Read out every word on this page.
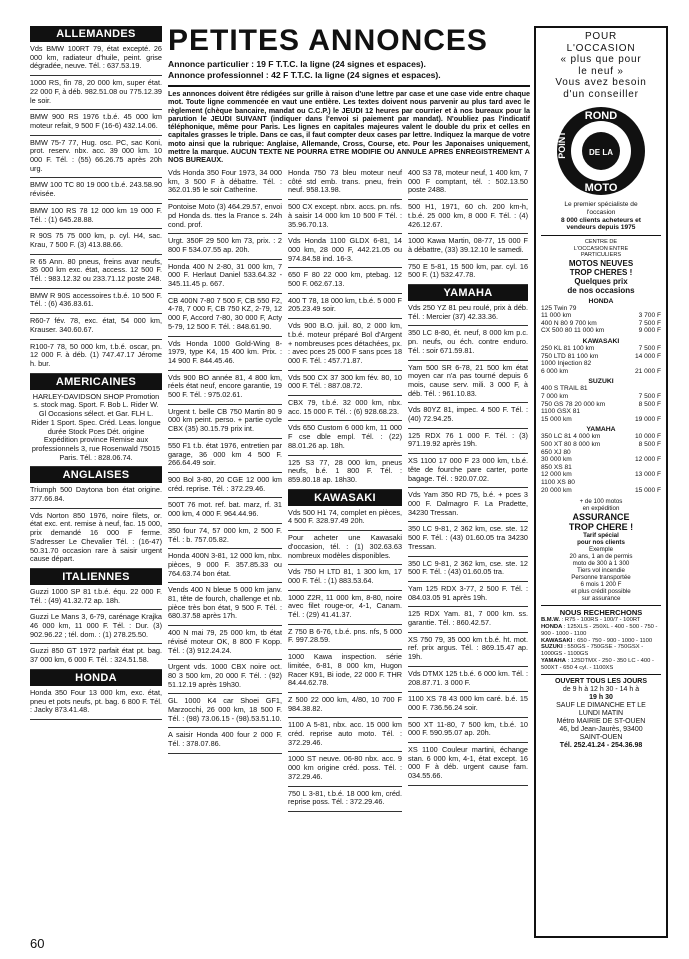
PETITES ANNONCES
Annonce particulier : 19 F T.T.C. la ligne (24 signes et espaces).
Annonce professionnel : 42 F T.T.C. la ligne (24 signes et espaces).
Les annonces doivent être rédigées sur grille à raison d'une lettre par case et une case vide entre chaque mot. Toute ligne commencée en vaut une entière. Les textes doivent nous parvenir au plus tard avec le règlement (chèque bancaire, mandat ou C.C.P.) le JEUDI 12 heures par courrier et à nos bureaux pour la parution le JEUDI SUIVANT (indiquer dans l'envoi si paiement par mandat). N'oubliez pas l'indicatif téléphonique, même pour Paris. Les lignes en capitales majeures valent le double du prix et celles en capitales grasses le triple. Dans ce cas, il faut compter deux cases par lettre. Indiquez la marque de votre moto ainsi que la rubrique: Anglaise, Allemande, Cross, Course, etc. Pour les Japonaises uniquement, mettre la marque. AUCUN TEXTE NE POURRA ETRE MODIFIE OU ANNULE APRES ENREGISTREMENT A NOS BUREAUX.
ALLEMANDES
Vds BMW 100RT 79, état excepté. 26 000 km, radiateur d'huile, peint. grise dégradée, neuve. Tél. : 637.53.19.
1000 RS, fin 78, 20 000 km, super état. 22 000 F, à déb. 982.51.08 ou 775.12.39 le soir.
BMW 900 RS 1976 t.b.é. 45 000 km moteur refait, 9 500 F (16-6) 432.14.06.
BMW 75-7 77, Hug. osc. PC, sac Koni, prot. reserv. nbx. acc. 39 000 km. 10 000 F. Tél. : (55) 66.26.75 après 20h urg.
BMW 100 TC 80 19 000 t.b.é. 243.58.90 révisée.
BMW 100 RS 78 12 000 km 19 000 F. Tél. : (1) 645.28.88.
R 90S 75 75 000 km, p. cyl. H4, sac. Krau, 7 500 F. (3) 413.88.66.
R 65 Ann. 80 pneus, freins avar neufs, 35 000 km exc. état, access. 12 500 F. Tél. : 983.12.32 ou 233.71.12 poste 248.
BMW R 90S accessoires t.b.é. 10 500 F. Tél. : (6) 436.83.61.
R60-7 fév. 78, exc. état, 54 000 km, Krauser. 340.60.67.
R100-7 78, 50 000 km, t.b.é. oscar, pn. 12 000 F. à déb. (1) 747.47.17 Jérome h. bur.
AMERICAINES
HARLEY-DAVIDSON SHOP Promotion s. stock mag. Sport. F. Bob L. Rider W. Gl Occasions sélect. et Gar. FLH L. Rider 1 Sport. Spec. Créd. Leas. longue durée Stock Pces Dét. origine Expédition province Remise aux professionnels 3, rue Rosenwald 75015 Paris. Tél. : 828.06.74.
ANGLAISES
Triumph 500 Daytona bon état origine. 377.66.84.
Vds Norton 850 1976, noire filets, or. état exc. ent. remise à neuf, fac. 15 000, prix demandé 16 000 F ferme. S'adresser Le Chevalier Tél. : (16-47) 50.31.70 occasion rare à saisir urgent cause départ.
ITALIENNES
Guzzi 1000 SP 81 t.b.é. équ. 22 000 F. Tél. : (49) 41.32.72 ap. 18h.
Guzzi Le Mans 3, 6-79, carénage Krajka 46 000 km, 11 000 F. Tél. : Dur. (3) 902.96.22 ; tél. dom. : (1) 278.25.50.
Guzzi 850 GT 1972 parfait état pt. bag. 37 000 km, 6 000 F. Tél. : 324.51.58.
HONDA
Honda 350 Four 13 000 km, exc. état, pneu et pots neufs, pt. bag. 6 800 F. Tél. : Jacky 873.41.48.
Vds Honda 350 Four 1973, 34 000 km, 3 500 F à débattre. Tél. : 362.01.95 le soir Catherine.
Pontoise Moto (3) 464.29.57, envoi pd Honda ds. ttes la France s. 24h cond. prof.
Urgt. 350F 29 500 km 73, prix. : 2 800 F 534.07.55 ap. 20h.
Honda 400 N 2-80, 31 000 km, 7 000 F. Herlaut Daniel 533.64.32 - 345.11.45 p. 667.
CB 400N 7-80 7 500 F, CB 550 F2, 4-78, 7 000 F, CB 750 KZ, 2-79, 12 000 F, Accord 7-80, 30 000 F, Acty 5-79, 12 500 F. Tél. : 848.61.90.
Vds Honda 1000 Gold-Wing 8-1979, type K4, 15 400 km. Prix. : 14 900 F. 844.45.46.
Vds 900 BO année 81, 4 800 km, réels état neuf, encore garantie, 19 500 F. Tél. : 975.02.61.
Urgent t. belle CB 750 Martin 80 9 000 km peint. perso. + partie cycle CBX (35) 30.15.79 prix int.
550 F1 t.b. état 1976, entretien par garage, 36 000 km 4 500 F. 266.64.49 soir.
900 Bol 3-80, 20 CGE 12 000 km créd. reprise. Tél. : 372.29.46.
500T 76 mot. ref. bat. marz, rf. 31 000 km, 4 000 F. 964.44.96.
350 four 74, 57 000 km, 2 500 F. Tél. : b. 757.05.82.
Honda 400N 3-81, 12 000 km, nbx. pièces, 9 000 F. 357.85.33 ou 764.63.74 bon état.
Vends 400 N bleue 5 000 km janv. 81, tête de fourch, challenge et nb. pièce très bon état, 9 500 F. Tél. : 680.37.58 après 17h.
400 N mai 79, 25 000 km, tb état révisé moteur OK, 8 800 F Kopp. Tél. : (3) 912.24.24.
Urgent vds. 1000 CBX noire oct. 80 3 500 km, 20 000 F. Tél. : (92) 51.12.19 après 19h30.
GL 1000 K4 car Shoei GF1, Marzocchi, 26 000 km, 18 500 F. Tél. : (98) 73.06.15 - (98).53.51.10.
A saisir Honda 400 four 2 000 F. Tél. : 378.07.86.
Honda 750 73 bleu moteur neuf côté std emb. trans. pneu, frein neuf. 958.13.98.
500 CX except. nbrx. accs. pn. nfs. à saisir 14 000 km 10 500 F Tél. : 35.96.70.13.
Vds Honda 1100 GLDX 6-81, 14 000 km, 28 000 F, 442.21.05 ou 974.84.58 ind. 16-3.
650 F 80 22 000 km, ptebag. 12 500 F. 062.67.13.
400 T 78, 18 000 km, t.b.é. 5 000 F 205.23.49 soir.
Vds 900 B.O. juil. 80, 2 000 km, t.b.é. moteur préparé Bol d'Argent + nombreuses pces détachées, px. : avec pces 25 000 F sans pces 18 000 F. Tél. : 457.71.87.
Vds 500 CX 37 300 km fév. 80, 10 000 F. Tél. : 887.08.72.
CBX 79, t.b.é. 32 000 km, nbx. acc. 15 000 F. Tél. : (6) 928.68.23.
Vds 650 Custom 6 000 km, 11 000 F cse dble empl. Tél. : (22) 88.01.26 ap. 18h.
125 S3 77, 28 000 km, pneus neufs, b.é. 1 800 F. Tél. : 859.80.18 ap. 18h30.
KAWASAKI
Vds 500 H1 74, complet en pièces, 4 500 F. 328.97.49 20h.
Pour acheter une Kawasaki d'occasion, tél. : (1) 302.63.63 nombreux modèles disponibles.
Vds 750 H LTD 81, 1 300 km, 17 000 F. Tél. : (1) 883.53.64.
1000 Z2R, 11 000 km, 8-80, noire avec filet rouge-or, 4-1, Canam. Tél. : (29) 41.41.37.
Z 750 B 6-76, t.b.é. pns. nfs, 5 000 F. 997.28.59.
1000 Kawa inspection. série limitée, 6-81, 8 000 km, Hugon Racer K91, Bi iode, 22 000 F. THR 84.44.62.78.
Z 500 22 000 km, 4/80, 10 700 F 984.38.82.
1100 A 5-81, nbx. acc. 15 000 km créd. reprise auto moto. Tél. : 372.29.46.
1000 ST neuve. 06-80 nbx. acc. 9 000 km origine créd. poss. Tél. : 372.29.46.
750 L 3-81, t.b.é. 18 000 km, créd. reprise poss. Tél. : 372.29.46.
400 S3 78, moteur neuf, 1 400 km, 7 000 F comptant, tél. : 502.13.50 poste 2488.
500 H1, 1971, 60 ch. 200 km-h, t.b.é. 25 000 km, 8 000 F. Tél. : (4) 426.12.67.
1000 Kawa Martin, 08-77, 15 000 F à débattre, (33) 39.12.10 le samedi.
750 E 5-81, 15 500 km, par. cyl. 16 500 F. (1) 532.47.78.
YAMAHA
Vds 250 YZ 81 peu roulé, prix à déb. Tél. : Mercier (37) 42.33.36.
350 LC 8-80, ét. neuf, 8 000 km p.c. pn. neufs, ou éch. contre enduro. Tél. : soir 671.59.81.
Yam 500 SR 6-78, 21 500 km état moyen car n'a pas tourné depuis 6 mois, cause serv. mili. 3 000 F, à déb. Tél. : 961.10.83.
Vds 80YZ 81, impec. 4 500 F. Tél. : (40) 72.94.25.
125 RDX 76 1 000 F. Tél. : (3) 971.19.92 après 19h.
XS 1100 17 000 F 23 000 km, t.b.é. tête de fourche pare carter, porte bagage. Tél. : 920.07.02.
Vds Yam 350 RD 75, b.é. + pces 3 000 F. Dalmagro F. La Pradette, 34230 Tressan.
350 LC 9-81, 2 362 km, cse. ste. 12 500 F. Tél. : (43) 01.60.05 tra 34230 Tressan.
350 LC 9-81, 2 362 km, cse. ste. 12 500 F. Tél. : (43) 01.60.05 tra.
Yam 125 RDX 3-77, 2 500 F. Tél. : 084.03.05 91 après 19h.
125 RDX Yam. 81, 7 000 km. ss. garantie. Tél. : 860.42.57.
XS 750 79, 35 000 km t.b.é. ht. mot. ref. prix argus. Tél. : 869.15.47 ap. 19h.
Vds DTMX 125 t.b.é. 6 000 km. Tél. : 208.87.71. 3 000 F.
1100 XS 78 43 000 km caré. b.é. 15 000 F. 736.56.24 soir.
500 XT 11-80, 7 500 km, t.b.é. 10 000 F. 590.95.07 ap. 20h.
XS 1100 Couleur martini, échange stan. 6 000 km, 4-1, état except. 16 000 F à déb. urgent cause fam. 034.55.66.
POUR
L'OCCASION
« plus que pour
le neuf »
Vous avez besoin
d'un conseiller
ROND
POINT
MOTO
DE LA
Le premier spécialiste de
l'occasion
8 000 clients acheteurs et
vendeurs depuis 1975
CENTRE DE
L'OCCASION ENTRE
PARTICULIERS
MOTOS NEUVES
TROP CHERES !
Quelques prix
de nos occasions
HONDA
125 Twin 79	
11 000 km	3 700 F
400 N 80 9 700 km	7 500 F
CX 500 80 11 000 km	9 000 F
KAWASAKI
250 KL 81 100 km	7 500 F
750 LTD 81 100 km	14 000 F
1000 Injection 82	
6 000 km	21 000 F
SUZUKI
400 S TRAIL 81	
7 000 km	7 500 F
750 GS 78 20 000 km	8 500 F
1100 GSX 81	
15 000 km	19 000 F
YAMAHA
350 LC 81 4 000 km	10 000 F
500 XT 80 8 000 km	8 500 F
650 XJ 80	
30 000 km	12 000 F
850 XS 81	
12 000 km	13 000 F
1100 XS 80	
20 000 km	15 000 F
+ de 100 motos
en expédition
ASSURANCE
TROP CHERE !
Tarif spécial
pour nos clients
Exemple
20 ans, 1 an de permis
moto de 300 à 1 300
Tiers vol incendie
Personne transportée
6 mois 1 200 F
et plus crédit possible
sur assurance
NOUS RECHERCHONS
B.M.W. : R75 - 100RS - 100/7 - 100RT
HONDA : 125XLS - 250XL - 400 - 500 - 750 - 900 - 1000 - 1100
KAWASAKI : 650 - 750 - 900 - 1000 - 1100
SUZUKI : 550GS - 750GSE - 750GSX - 1000GS - 1100GS
YAMAHA : 125DTMX - 250 - 350 LC - 400 - 500XT - 650 4 cyl. - 1100XS
OUVERT TOUS LES JOURS
de 9 h à 12 h 30 - 14 h à
19 h 30
SAUF LE DIMANCHE ET LE
LUNDI MATIN
Métro MAIRIE DE ST-OUEN
46, bd Jean-Jaurès, 93400
SAINT-OUEN
Tél. 252.41.24 - 254.36.98
60
